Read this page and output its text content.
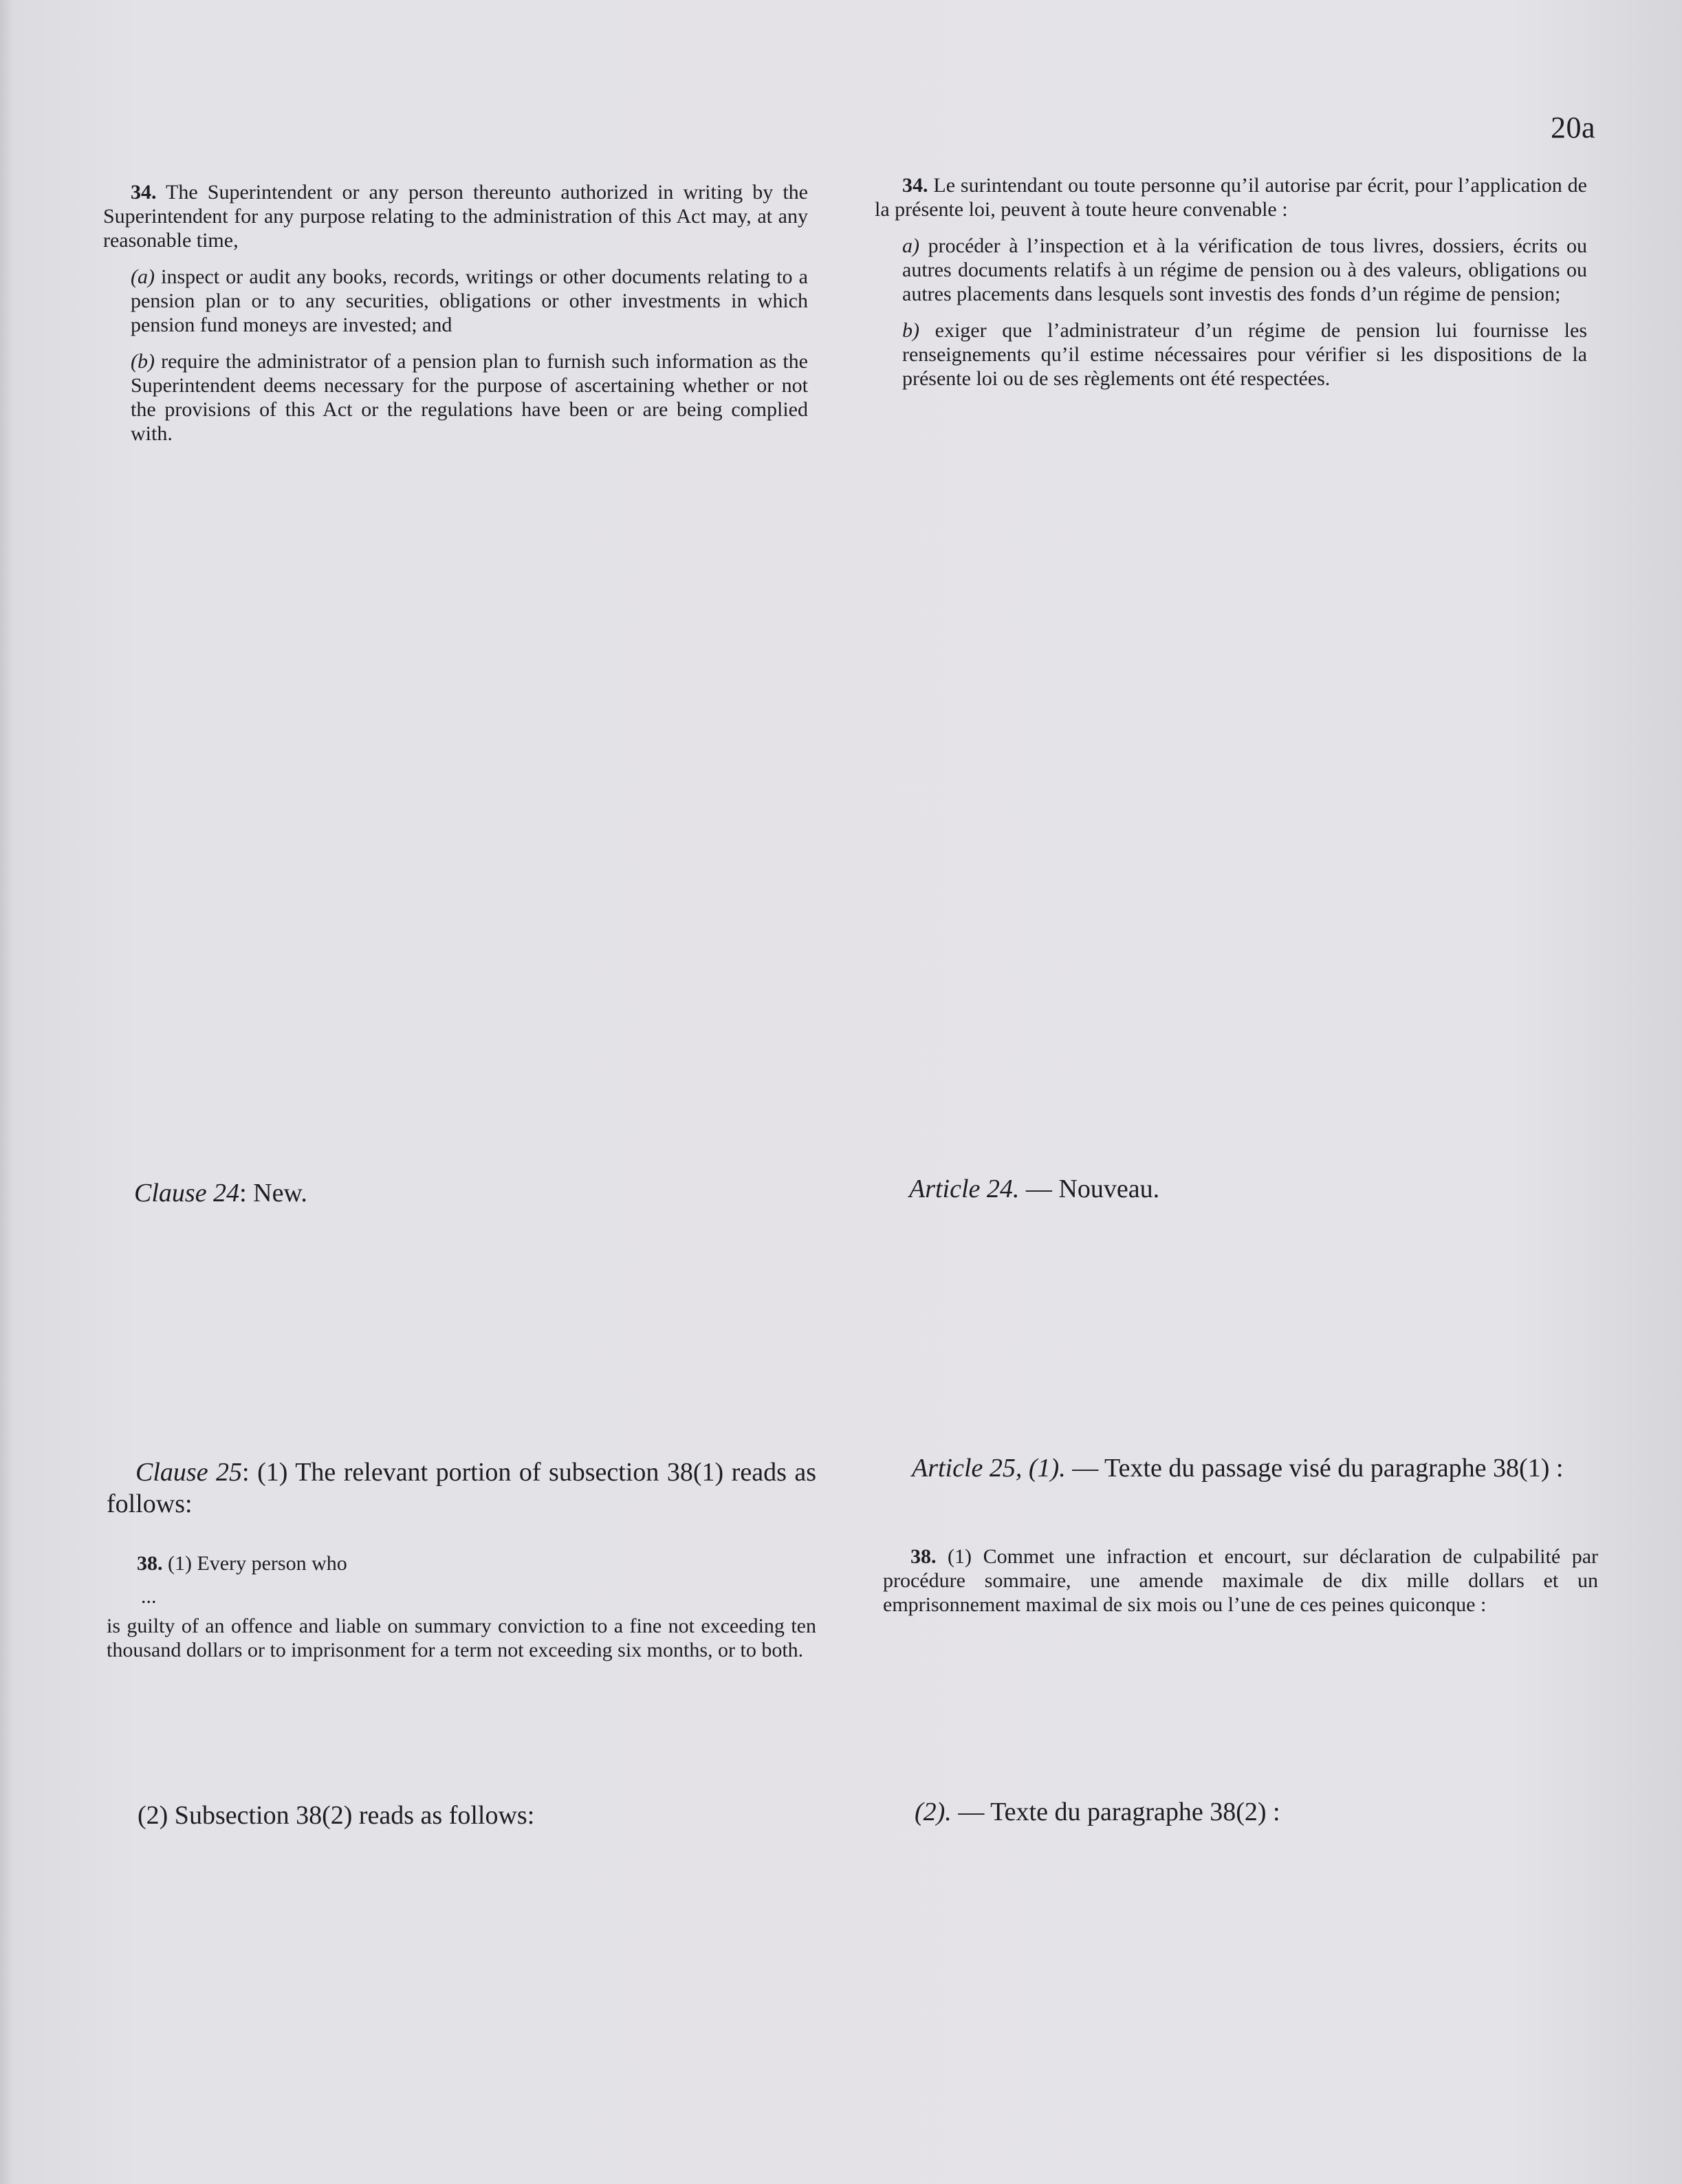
20a

34. The Superintendent or any person thereunto authorized in writing by the Superintendent for any purpose relating to the administration of this Act may, at any reasonable time,

(a) inspect or audit any books, records, writings or other documents relating to a pension plan or to any securities, obligations or other investments in which pension fund moneys are invested; and

(b) require the administrator of a pension plan to furnish such information as the Superintendent deems necessary for the purpose of ascertaining whether or not the provisions of this Act or the regulations have been or are being complied with.

Clause 24: New.

Clause 25: (1) The relevant portion of subsection 38(1) reads as follows:

38. (1) Every person who

...

is guilty of an offence and liable on summary conviction to a fine not exceeding ten thousand dollars or to imprisonment for a term not exceeding six months, or to both.

(2) Subsection 38(2) reads as follows:

34. Le surintendant ou toute personne qu’il autorise par écrit, pour l’application de la présente loi, peuvent à toute heure convenable :

a) procéder à l’inspection et à la vérification de tous livres, dossiers, écrits ou autres documents relatifs à un régime de pension ou à des valeurs, obligations ou autres placements dans lesquels sont investis des fonds d’un régime de pension;

b) exiger que l’administrateur d’un régime de pension lui fournisse les renseignements qu’il estime nécessaires pour vérifier si les dispositions de la présente loi ou de ses règlements ont été respectées.

Article 24. — Nouveau.

Article 25, (1). — Texte du passage visé du paragraphe 38(1) :

38. (1) Commet une infraction et encourt, sur déclaration de culpabilité par procédure sommaire, une amende maximale de dix mille dollars et un emprisonnement maximal de six mois ou l’une de ces peines quiconque :

(2). — Texte du paragraphe 38(2) :
